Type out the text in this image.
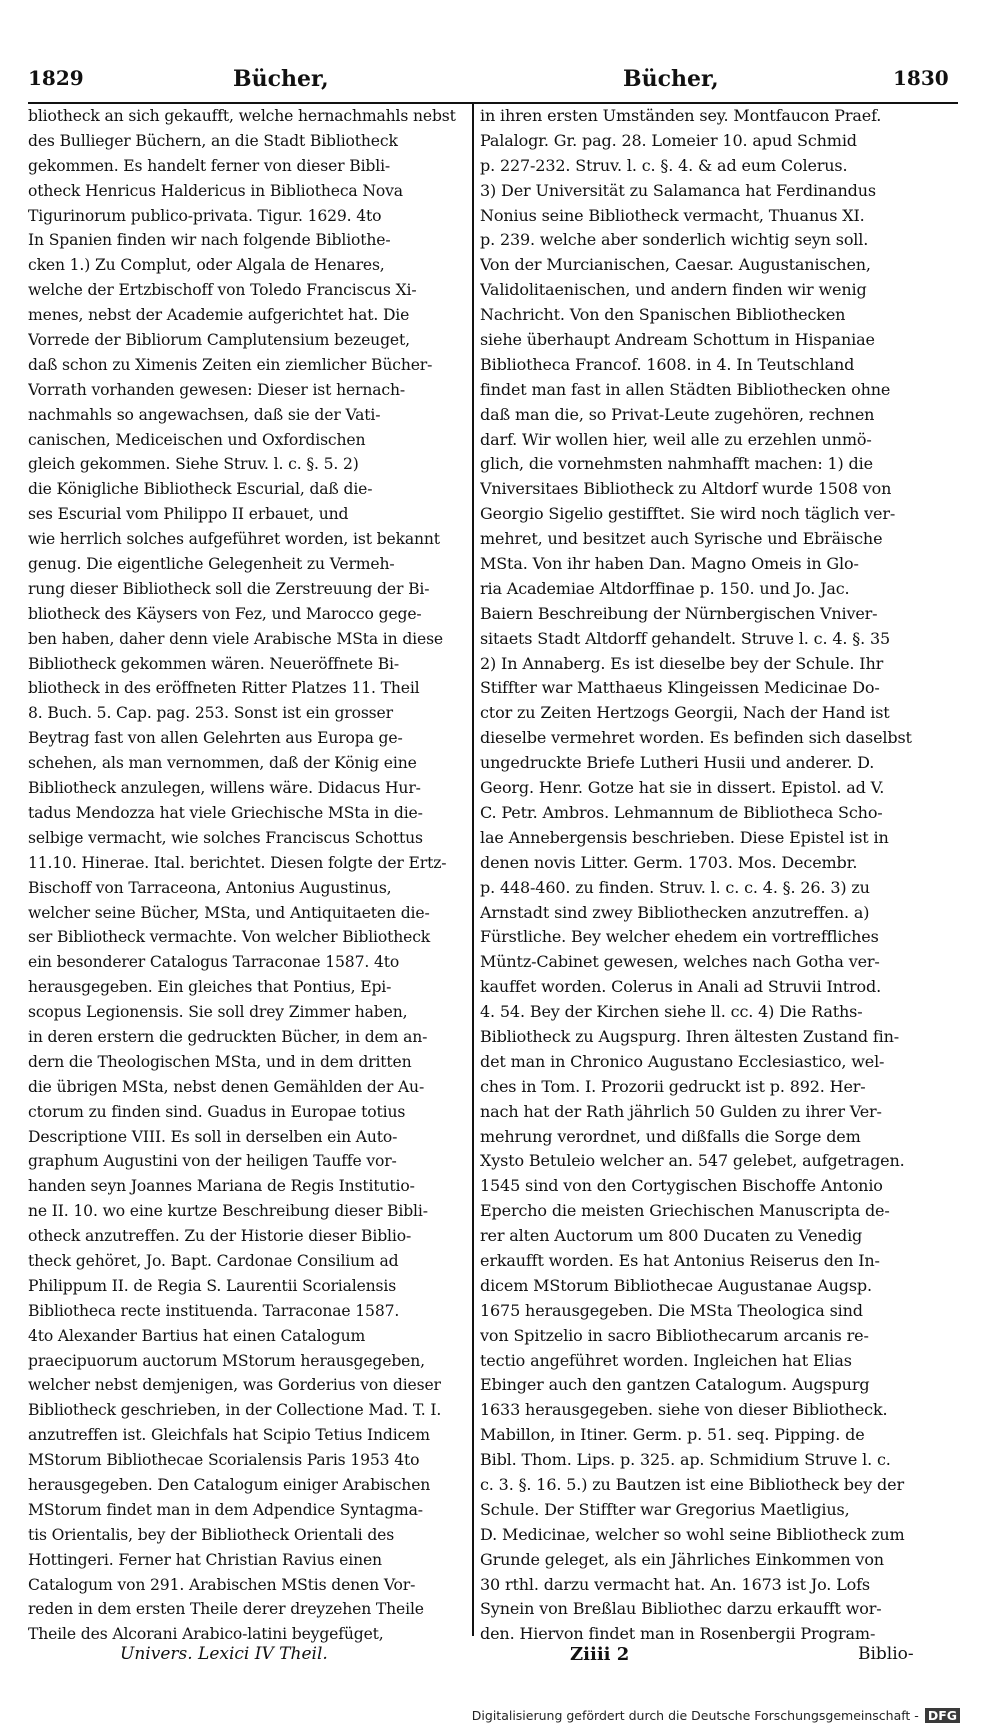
1829	Bücher,	Bücher,	1830
bliotheck an sich gekaufft, welche hernachmahls nebst
des Bullieger Büchern, an die Stadt Bibliotheck
gekommen. Es handelt ferner von dieser Bibli-
otheck Henricus Haldericus in Bibliotheca Nova
Tigurinorum publico-privata. Tigur. 1629. 4to
In Spanien finden wir nach folgende Bibliothe-
cken 1.) Zu Complut, oder Algala de Henares,
welche der Ertzbischoff von Toledo Franciscus Xi-
menes, nebst der Academie aufgerichtet hat. Die
Vorrede der Bibliorum Camplutensium bezeuget,
daß schon zu Ximenis Zeiten ein ziemlicher Bücher-
Vorrath vorhanden gewesen: Dieser ist hernach-
nachmahls so angewachsen, daß sie der Vati-
canischen, Mediceischen und Oxfordischen
gleich gekommen. Siehe Struv. l. c. §. 5. 2)
die Königliche Bibliotheck Escurial, daß die-
ses Escurial vom Philippo II erbauet, und
wie herrlich solches aufgeführet worden, ist bekannt
genug. Die eigentliche Gelegenheit zu Vermeh-
rung dieser Bibliotheck soll die Zerstreuung der Bi-
bliotheck des Käysers von Fez, und Marocco gege-
ben haben, daher denn viele Arabische MSta in diese
Bibliotheck gekommen wären. Neueröffnete Bi-
bliotheck in des eröffneten Ritter Platzes 11. Theil
8. Buch. 5. Cap. pag. 253. Sonst ist ein grosser
Beytrag fast von allen Gelehrten aus Europa ge-
schehen, als man vernommen, daß der König eine
Bibliotheck anzulegen, willens wäre. Didacus Hur-
tadus Mendozza hat viele Griechische MSta in die-
selbige vermacht, wie solches Franciscus Schottus
11.10. Hinerae. Ital. berichtet. Diesen folgte der Ertz-
Bischoff von Tarraceona, Antonius Augustinus,
welcher seine Bücher, MSta, und Antiquitaeten die-
ser Bibliotheck vermachte. Von welcher Bibliotheck
ein besonderer Catalogus Tarraconae 1587. 4to
herausgegeben. Ein gleiches that Pontius, Epi-
scopus Legionensis. Sie soll drey Zimmer haben,
in deren erstern die gedruckten Bücher, in dem an-
dern die Theologischen MSta, und in dem dritten
die übrigen MSta, nebst denen Gemählden der Au-
ctorum zu finden sind. Guadus in Europae totius
Descriptione VIII. Es soll in derselben ein Auto-
graphum Augustini von der heiligen Tauffe vor-
handen seyn Joannes Mariana de Regis Institutio-
ne II. 10. wo eine kurtze Beschreibung dieser Bibli-
otheck anzutreffen. Zu der Historie dieser Biblio-
theck gehöret, Jo. Bapt. Cardonae Consilium ad
Philippum II. de Regia S. Laurentii Scorialensis
Bibliotheca recte instituenda. Tarraconae 1587.
4to Alexander Bartius hat einen Catalogum
praecipuorum auctorum MStorum herausgegeben,
welcher nebst demjenigen, was Gorderius von dieser
Bibliotheck geschrieben, in der Collectione Mad. T. I.
anzutreffen ist. Gleichfals hat Scipio Tetius Indicem
MStorum Bibliothecae Scorialensis Paris 1953 4to
herausgegeben. Den Catalogum einiger Arabischen
MStorum findet man in dem Adpendice Syntagma-
tis Orientalis, bey der Bibliotheck Orientali des
Hottingeri. Ferner hat Christian Ravius einen
Catalogum von 291. Arabischen MStis denen Vor-
reden in dem ersten Theile derer dreyzehen Theile
Theile des Alcorani Arabico-latini beygefüget,
in ihren ersten Umständen sey. Montfaucon Praef.
Palalogr. Gr. pag. 28. Lomeier 10. apud Schmid
p. 227-232. Struv. l. c. §. 4. & ad eum Colerus.
3) Der Universität zu Salamanca hat Ferdinandus
Nonius seine Bibliotheck vermacht, Thuanus XI.
p. 239. welche aber sonderlich wichtig seyn soll.
Von der Murcianischen, Caesar. Augustanischen,
Validolitaenischen, und andern finden wir wenig
Nachricht. Von den Spanischen Bibliothecken
siehe überhaupt Andream Schottum in Hispaniae
Bibliotheca Francof. 1608. in 4. In Teutschland
findet man fast in allen Städten Bibliothecken ohne
daß man die, so Privat-Leute zugehören, rechnen
darf. Wir wollen hier, weil alle zu erzehlen unmö-
glich, die vornehmsten nahmhafft machen: 1) die
Vniversitaes Bibliotheck zu Altdorf wurde 1508 von
Georgio Sigelio gestifftet. Sie wird noch täglich ver-
mehret, und besitzet auch Syrische und Ebräische
MSta. Von ihr haben Dan. Magno Omeis in Glo-
ria Academiae Altdorffinae p. 150. und Jo. Jac.
Baiern Beschreibung der Nürnbergischen Vniver-
sitaets Stadt Altdorff gehandelt. Struve l. c. 4. §. 35
2) In Annaberg. Es ist dieselbe bey der Schule. Ihr
Stiffter war Matthaeus Klingeissen Medicinae Do-
ctor zu Zeiten Hertzogs Georgii, Nach der Hand ist
dieselbe vermehret worden. Es befinden sich daselbst
ungedruckte Briefe Lutheri Husii und anderer. D.
Georg. Henr. Gotze hat sie in dissert. Epistol. ad V.
C. Petr. Ambros. Lehmannum de Bibliotheca Scho-
lae Annebergensis beschrieben. Diese Epistel ist in
denen novis Litter. Germ. 1703. Mos. Decembr.
p. 448-460. zu finden. Struv. l. c. c. 4. §. 26. 3) zu
Arnstadt sind zwey Bibliothecken anzutreffen. a)
Fürstliche. Bey welcher ehedem ein vortreffliches
Müntz-Cabinet gewesen, welches nach Gotha ver-
kauffet worden. Colerus in Anali ad Struvii Introd.
4. 54. Bey der Kirchen siehe ll. cc. 4) Die Raths-
Bibliotheck zu Augspurg. Ihren ältesten Zustand fin-
det man in Chronico Augustano Ecclesiastico, wel-
ches in Tom. I. Prozorii gedruckt ist p. 892. Her-
nach hat der Rath jährlich 50 Gulden zu ihrer Ver-
mehrung verordnet, und dißfalls die Sorge dem
Xysto Betuleio welcher an. 547 gelebet, aufgetragen.
1545 sind von den Cortygischen Bischoffe Antonio
Epercho die meisten Griechischen Manuscripta de-
rer alten Auctorum um 800 Ducaten zu Venedig
erkaufft worden. Es hat Antonius Reiserus den In-
dicem MStorum Bibliothecae Augustanae Augsp.
1675 herausgegeben. Die MSta Theologica sind
von Spitzelio in sacro Bibliothecarum arcanis re-
tectio angeführet worden. Ingleichen hat Elias
Ebinger auch den gantzen Catalogum. Augspurg
1633 herausgegeben. siehe von dieser Bibliotheck.
Mabillon, in Itiner. Germ. p. 51. seq. Pipping. de
Bibl. Thom. Lips. p. 325. ap. Schmidium Struve l. c.
c. 3. §. 16. 5.) zu Bautzen ist eine Bibliotheck bey der
Schule. Der Stiffter war Gregorius Maetligius,
D. Medicinae, welcher so wohl seine Bibliotheck zum
Grunde geleget, als ein Jährliches Einkommen von
30 rthl. darzu vermacht hat. An. 1673 ist Jo. Lofs
Synein von Breßlau Bibliothec darzu erkaufft wor-
den. Hiervon findet man in Rosenbergii Program-
Univers. Lexici IV Theil.	Ziiii 2	Biblio-
Digitalisierung gefördert durch die Deutsche Forschungsgemeinschaft - DFG
